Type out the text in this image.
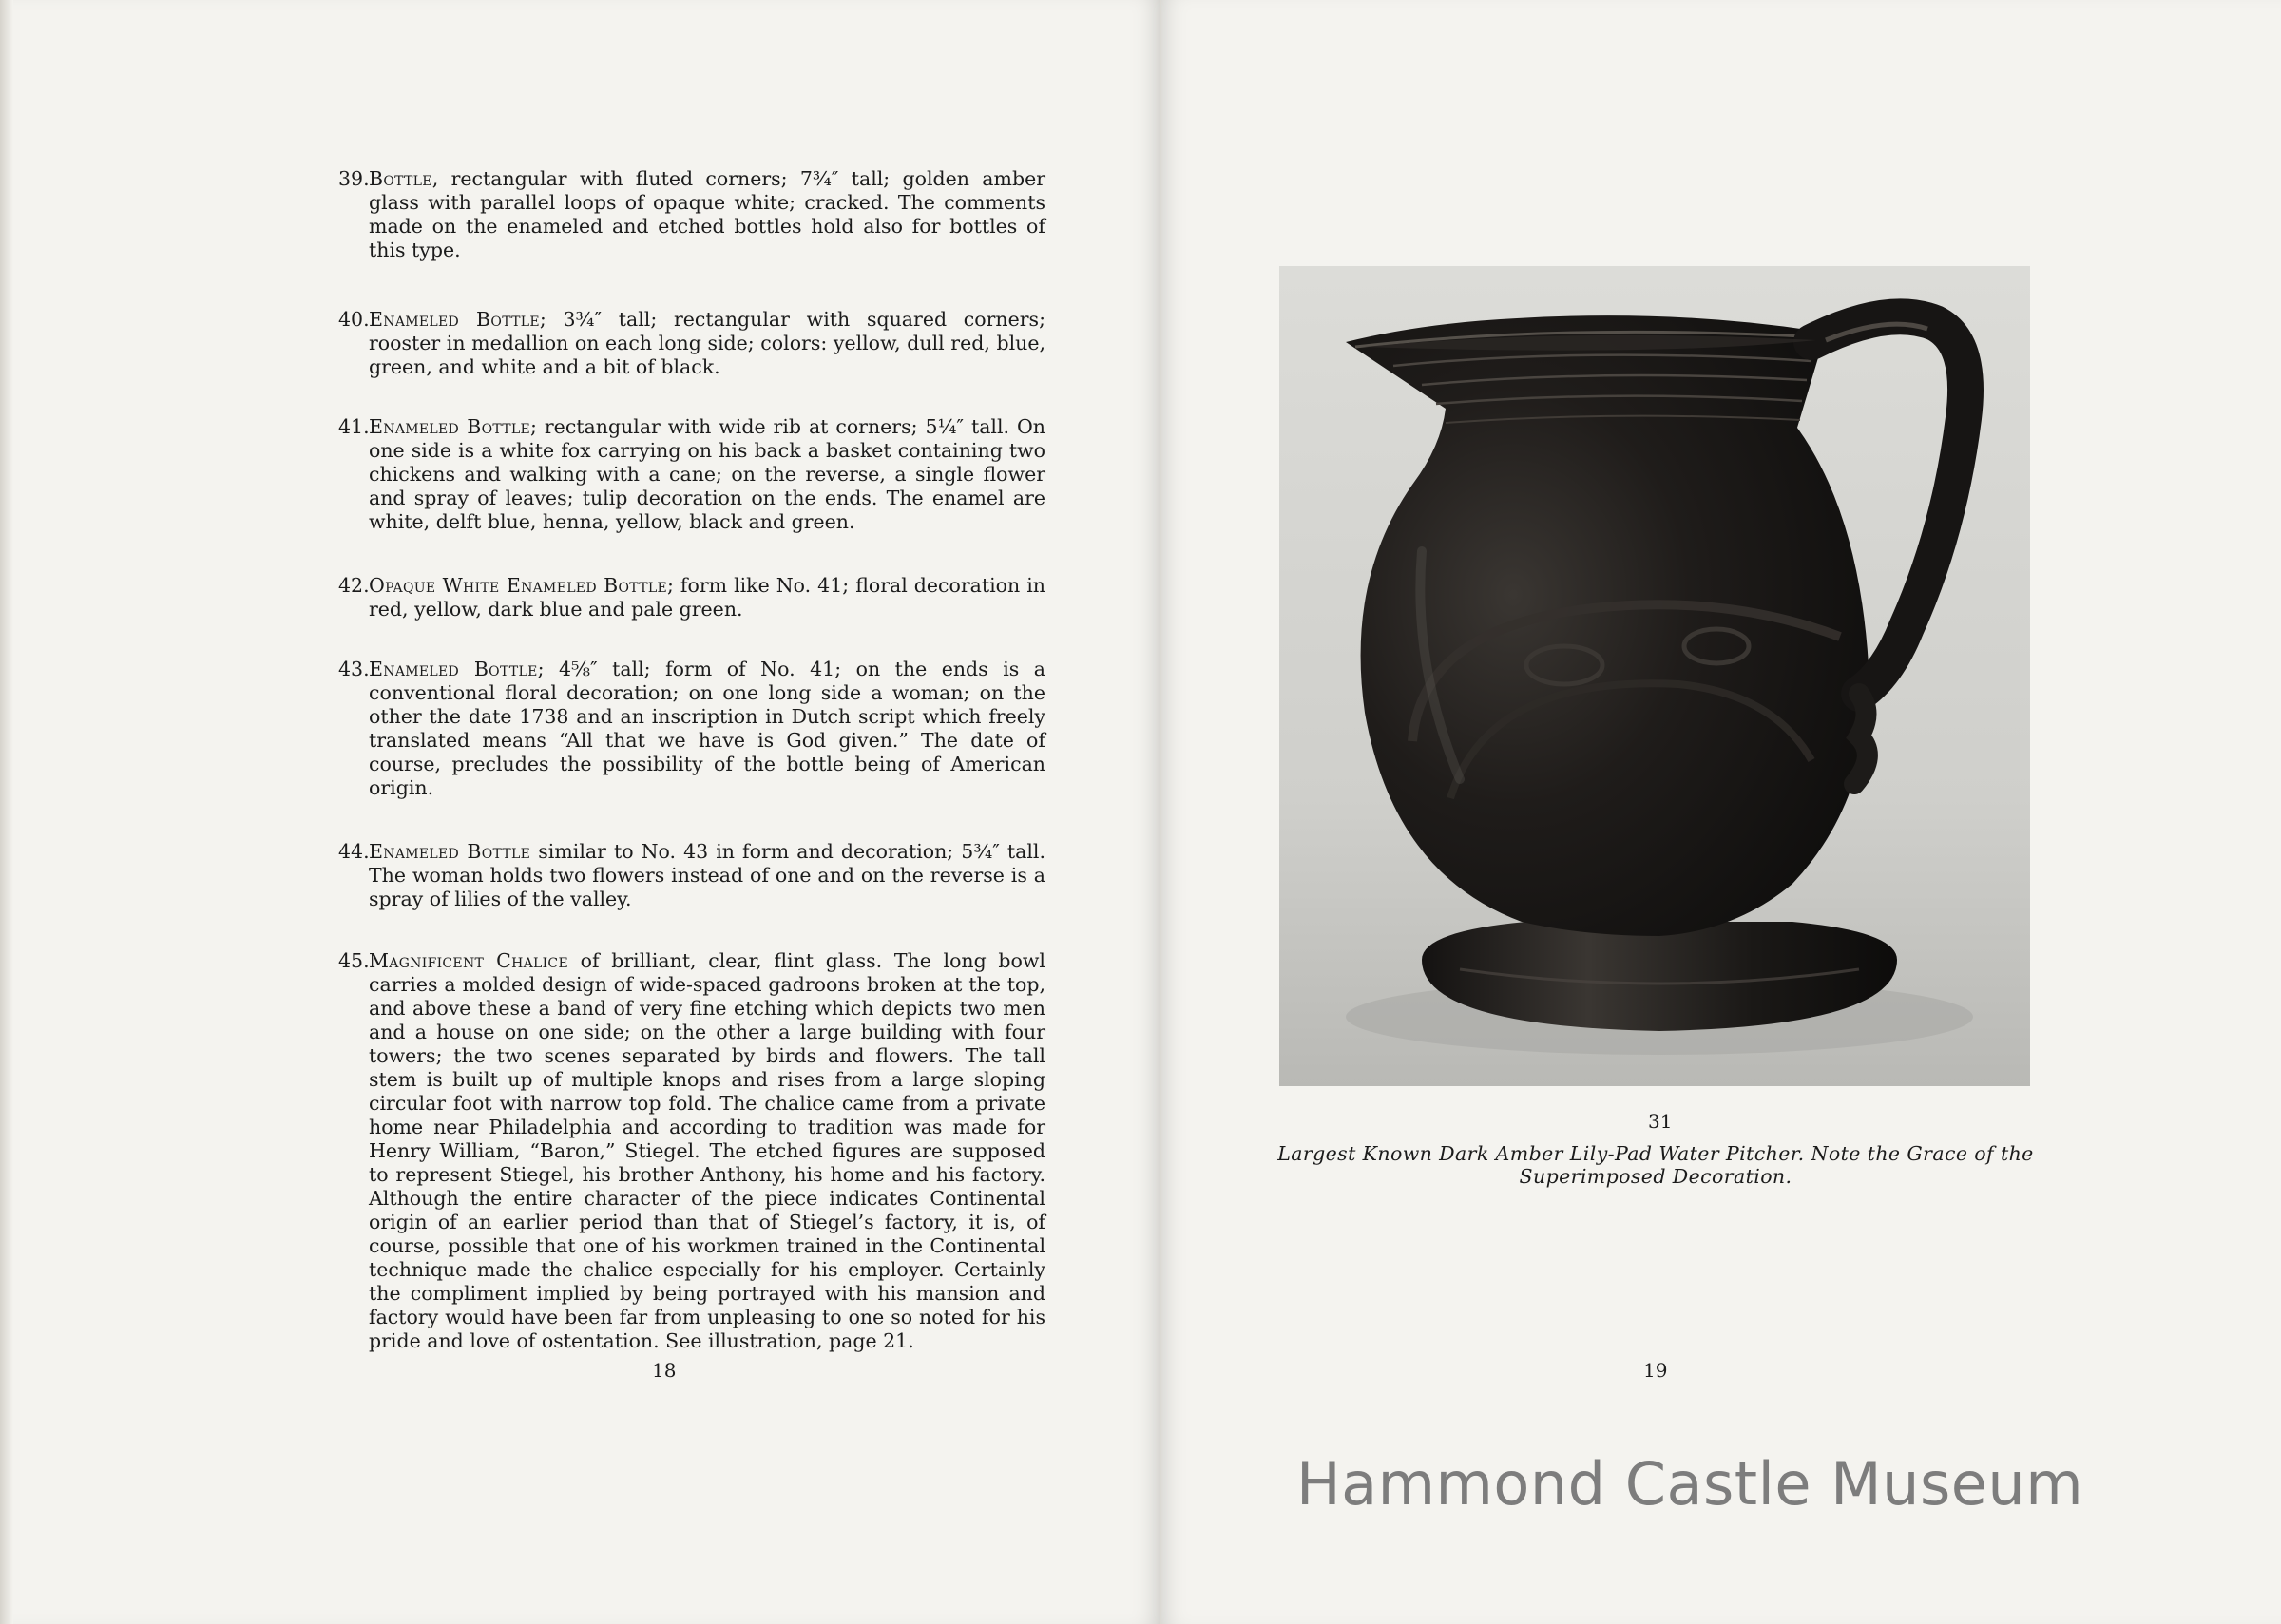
39. Bottle, rectangular with fluted corners; 7¾″ tall; golden amber glass with parallel loops of opaque white; cracked. The comments made on the enameled and etched bottles hold also for bottles of this type.
40. Enameled Bottle; 3¾″ tall; rectangular with squared corners; rooster in medallion on each long side; colors: yellow, dull red, blue, green, and white and a bit of black.
41. Enameled Bottle; rectangular with wide rib at corners; 5¼″ tall. On one side is a white fox carrying on his back a basket containing two chickens and walking with a cane; on the reverse, a single flower and spray of leaves; tulip decoration on the ends. The enamel are white, delft blue, henna, yellow, black and green.
42. Opaque White Enameled Bottle; form like No. 41; floral decoration in red, yellow, dark blue and pale green.
43. Enameled Bottle; 4⅝″ tall; form of No. 41; on the ends is a conventional floral decoration; on one long side a woman; on the other the date 1738 and an inscription in Dutch script which freely translated means “All that we have is God given.” The date of course, precludes the possibility of the bottle being of American origin.
44. Enameled Bottle similar to No. 43 in form and decoration; 5¾″ tall. The woman holds two flowers instead of one and on the reverse is a spray of lilies of the valley.
45. Magnificent Chalice of brilliant, clear, flint glass. The long bowl carries a molded design of wide-spaced gadroons broken at the top, and above these a band of very fine etching which depicts two men and a house on one side; on the other a large building with four towers; the two scenes separated by birds and flowers. The tall stem is built up of multiple knops and rises from a large sloping circular foot with narrow top fold. The chalice came from a private home near Philadelphia and according to tradition was made for Henry William, “Baron,” Stiegel. The etched figures are supposed to represent Stiegel, his brother Anthony, his home and his factory. Although the entire character of the piece indicates Continental origin of an earlier period than that of Stiegel’s factory, it is, of course, possible that one of his workmen trained in the Continental technique made the chalice especially for his employer. Certainly the compliment implied by being portrayed with his mansion and factory would have been far from unpleasing to one so noted for his pride and love of ostentation. See illustration, page 21.
18
31
Largest Known Dark Amber Lily-Pad Water Pitcher. Note the Grace of the Superimposed Decoration.
19
Hammond Castle Museum
